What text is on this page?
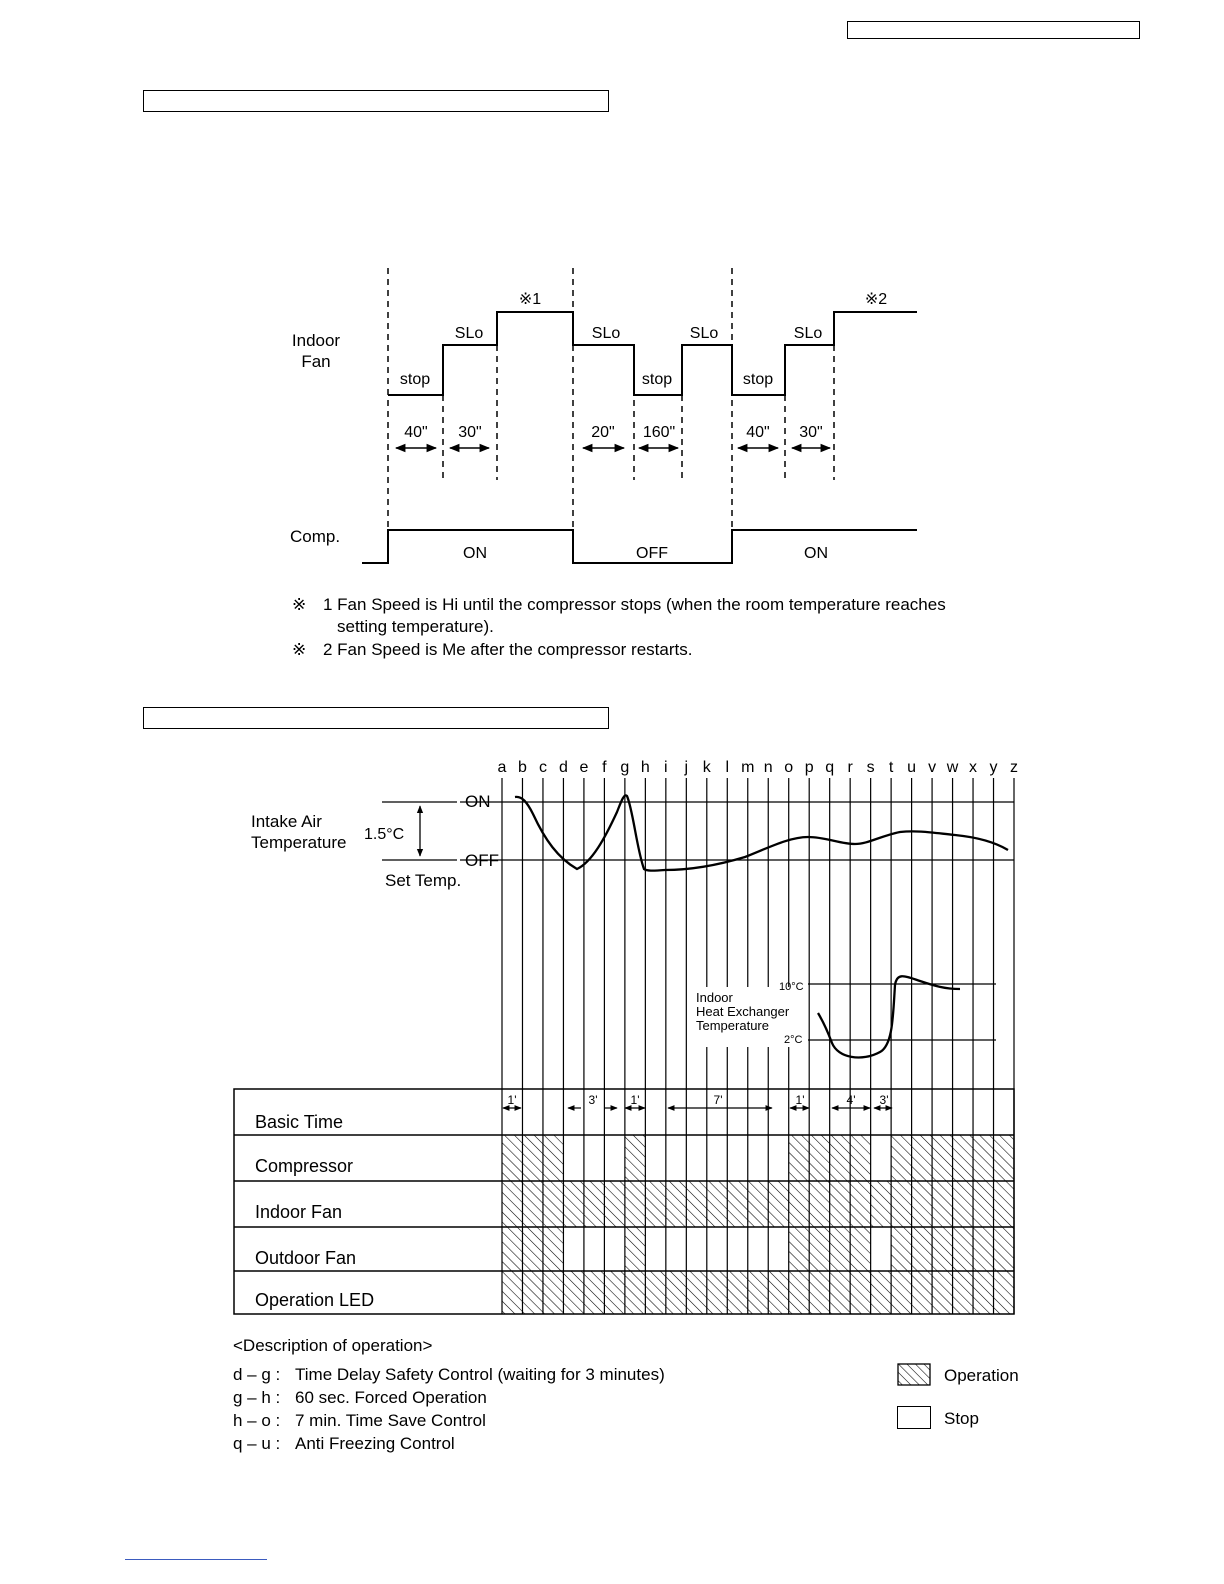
Indoor
Fan
Comp.
stop
SLo	SLo
stop
SLo
stop
SLo
※1	※2
40" 30"	20" 160"	40" 30"
ON	OFF	ON
※ 1 Fan Speed is Hi until the compressor stops (when the room temperature reaches
setting temperature).
※ 2 Fan Speed is Me after the compressor restarts.
a b c d e f g h i j k l m n o p q r s t u v w x y z
Basic Time
Compressor
Indoor Fan
Outdoor Fan
Operation LED
Intake Air
Temperature 1.5°C
ON
OFF
Set Temp.
Indoor
Heat Exchanger
Temperature
10°C
2°C
1'	3'	1'	7'	1'	4' 3'
<Description of operation>
d – g : Time Delay Safety Control (waiting for 3 minutes)
g – h : 60 sec. Forced Operation
h – o : 7 min. Time Save Control
q – u : Anti Freezing Control
Operation
Stop
